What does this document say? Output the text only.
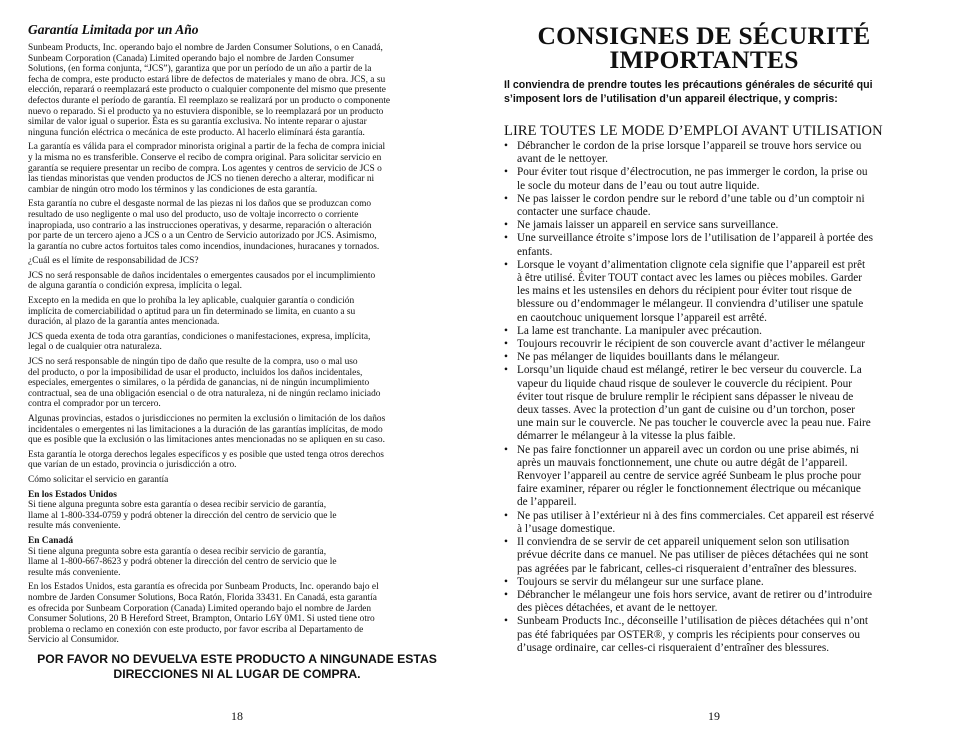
Garantía Limitada por un Año

Sunbeam Products, Inc. operando bajo el nombre de Jarden Consumer Solutions, o en Canadá,
Sunbeam Corporation (Canada) Limited operando bajo el nombre de Jarden Consumer
Solutions, (en forma conjunta, “JCS”), garantiza que por un período de un año a partir de la
fecha de compra, este producto estará libre de defectos de materiales y mano de obra. JCS, a su
elección, reparará o reemplazará este producto o cualquier componente del mismo que presente
defectos durante el período de garantía. El reemplazo se realizará por un producto o componente
nuevo o reparado. Si el producto ya no estuviera disponible, se lo reemplazará por un producto
similar de valor igual o superior. Ésta es su garantía exclusiva. No intente reparar o ajustar
ninguna función eléctrica o mecánica de este producto. Al hacerlo elimínará ésta garantía.

La garantía es válida para el comprador minorista original a partir de la fecha de compra inicial
y la misma no es transferible. Conserve el recibo de compra original. Para solicitar servicio en
garantía se requiere presentar un recibo de compra. Los agentes y centros de servicio de JCS o
las tiendas minoristas que venden productos de JCS no tienen derecho a alterar, modificar ni
cambiar de ningún otro modo los términos y las condiciones de esta garantía.

Esta garantía no cubre el desgaste normal de las piezas ni los daños que se produzcan como
resultado de uso negligente o mal uso del producto, uso de voltaje incorrecto o corriente
inapropiada, uso contrario a las instrucciones operativas, y desarme, reparación o alteración
por parte de un tercero ajeno a JCS o a un Centro de Servicio autorizado por JCS. Asimismo,
la garantía no cubre actos fortuitos tales como incendios, inundaciones, huracanes y tornados.

¿Cuál es el límite de responsabilidad de JCS?

JCS no será responsable de daños incidentales o emergentes causados por el incumplimiento
de alguna garantía o condición expresa, implícita o legal.

Excepto en la medida en que lo prohíba la ley aplicable, cualquier garantía o condición
implícita de comerciabilidad o aptitud para un fin determinado se limita, en cuanto a su
duración, al plazo de la garantía antes mencionada.

JCS queda exenta de toda otra garantías, condiciones o manifestaciones, expresa, implícita,
legal o de cualquier otra naturaleza.

JCS no será responsable de ningún tipo de daño que resulte de la compra, uso o mal uso
del producto, o por la imposibilidad de usar el producto, incluidos los daños incidentales,
especiales, emergentes o similares, o la pérdida de ganancias, ni de ningún incumplimiento
contractual, sea de una obligación esencial o de otra naturaleza, ni de ningún reclamo iniciado
contra el comprador por un tercero.

Algunas provincias, estados o jurisdicciones no permiten la exclusión o limitación de los daños
incidentales o emergentes ni las limitaciones a la duración de las garantías implícitas, de modo
que es posible que la exclusión o las limitaciones antes mencionadas no se apliquen en su caso.

Esta garantía le otorga derechos legales específicos y es posible que usted tenga otros derechos
que varían de un estado, provincia o jurisdicción a otro.

Cómo solicitar el servicio en garantía

En los Estados Unidos
Si tiene alguna pregunta sobre esta garantía o desea recibir servicio de garantía,
llame al 1-800-334-0759 y podrá obtener la dirección del centro de servicio que le
resulte más conveniente.

En Canadá
Si tiene alguna pregunta sobre esta garantía o desea recibir servicio de garantía,
llame al 1-800-667-8623 y podrá obtener la dirección del centro de servicio que le
resulte más conveniente.

En los Estados Unidos, esta garantía es ofrecida por Sunbeam Products, Inc. operando bajo el
nombre de Jarden Consumer Solutions, Boca Ratón, Florida 33431. En Canadá, esta garantía
es ofrecida por Sunbeam Corporation (Canada) Limited operando bajo el nombre de Jarden
Consumer Solutions, 20 B Hereford Street, Brampton, Ontario L6Y 0M1. Si usted tiene otro
problema o reclamo en conexión con este producto, por favor escriba al Departamento de
Servicio al Consumidor.

POR FAVOR NO DEVUELVA ESTE PRODUCTO A NINGUNADE ESTAS DIRECCIONES NI AL LUGAR DE COMPRA.
18
CONSIGNES DE SÉCURITÉ
IMPORTANTES
Il conviendra de prendre toutes les précautions générales de sécurité qui
s’imposent lors de l’utilisation d’un appareil électrique, y compris:
LIRE TOUTES LE MODE D’EMPLOI AVANT UTILISATION
• Débrancher le cordon de la prise lorsque l’appareil se trouve hors service ou
avant de le nettoyer.
• Pour éviter tout risque d’électrocution, ne pas immerger le cordon, la prise ou
le socle du moteur dans de l’eau ou tout autre liquide.
• Ne pas laisser le cordon pendre sur le rebord d’une table ou d’un comptoir ni
contacter une surface chaude.
• Ne jamais laisser un appareil en service sans surveillance.
• Une surveillance étroite s’impose lors de l’utilisation de l’appareil à portée des
enfants.
• Lorsque le voyant d’alimentation clignote cela signifie que l’appareil est prêt
à être utilisé. Éviter TOUT contact avec les lames ou pièces mobiles. Garder
les mains et les ustensiles en dehors du récipient pour éviter tout risque de
blessure ou d’endommager le mélangeur. Il conviendra d’utiliser une spatule
en caoutchouc uniquement lorsque l’appareil est arrêté.
• La lame est tranchante. La manipuler avec précaution.
• Toujours recouvrir le récipient de son couvercle avant d’activer le mélangeur
• Ne pas mélanger de liquides bouillants dans le mélangeur.
• Lorsqu’un liquide chaud est mélangé, retirer le bec verseur du couvercle. La
vapeur du liquide chaud risque de soulever le couvercle du récipient. Pour
éviter tout risque de brulure remplir le récipient sans dépasser le niveau de
deux tasses. Avec la protection d’un gant de cuisine ou d’un torchon, poser
une main sur le couvercle. Ne pas toucher le couvercle avec la peau nue. Faire
démarrer le mélangeur à la vitesse la plus faible.
• Ne pas faire fonctionner un appareil avec un cordon ou une prise abimés, ni
après un mauvais fonctionnement, une chute ou autre dégât de l’appareil.
Renvoyer l’appareil au centre de service agréé Sunbeam le plus proche pour
faire examiner, réparer ou régler le fonctionnement électrique ou mécanique
de l’appareil.
• Ne pas utiliser à l’extérieur ni à des fins commerciales. Cet appareil est réservé
à l’usage domestique.
• Il conviendra de se servir de cet appareil uniquement selon son utilisation
prévue décrite dans ce manuel. Ne pas utiliser de pièces détachées qui ne sont
pas agréées par le fabricant, celles-ci risqueraient d’entraîner des blessures.
• Toujours se servir du mélangeur sur une surface plane.
• Débrancher le mélangeur une fois hors service, avant de retirer ou d’introduire
des pièces détachées, et avant de le nettoyer.
• Sunbeam Products Inc., déconseille l’utilisation de pièces détachées qui n’ont
pas été fabriquées par OSTER®, y compris les récipients pour conserves ou
d’usage ordinaire, car celles-ci risqueraient d’entraîner des blessures.
19
